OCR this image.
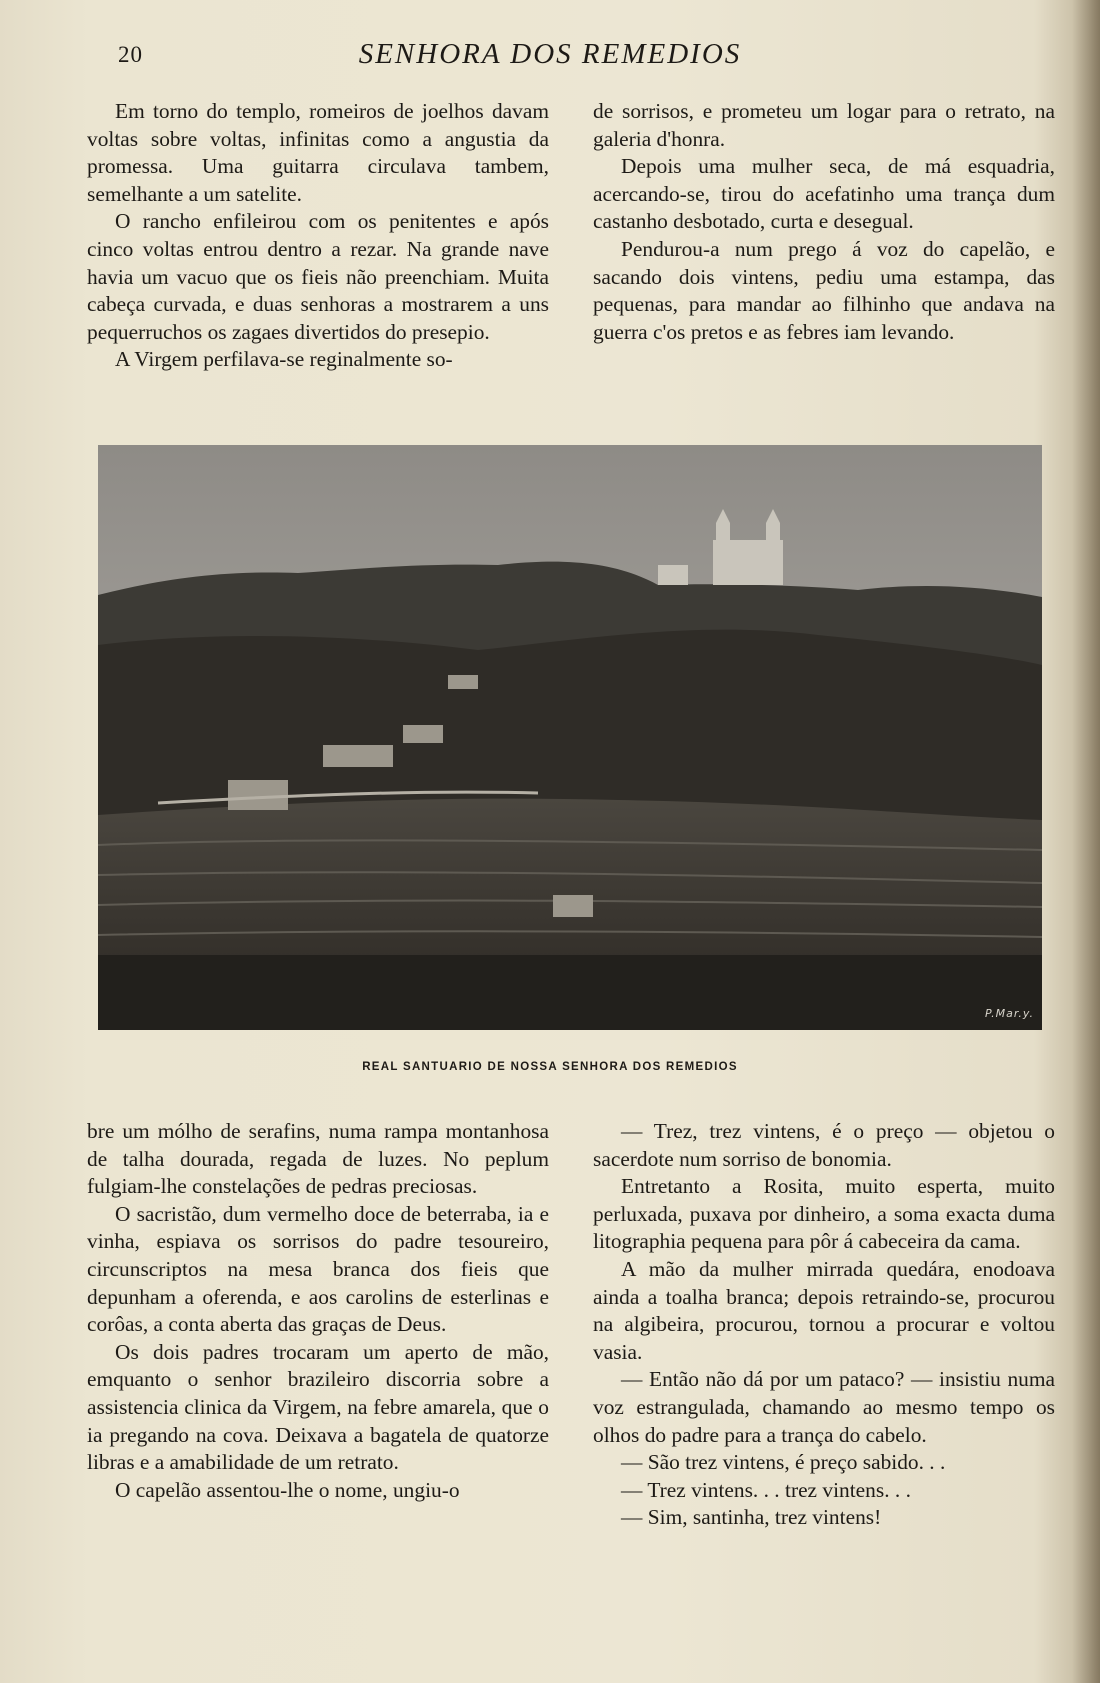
20	SENHORA DOS REMEDIOS

Em torno do templo, romeiros de joelhos davam voltas sobre voltas, infinitas como a angustia da promessa. Uma guitarra circulava tambem, semelhante a um satelite.

O rancho enfileirou com os penitentes e após cinco voltas entrou dentro a rezar. Na grande nave havia um vacuo que os fieis não preenchiam. Muita cabeça curvada, e duas senhoras a mostrarem a uns pequerruchos os zagaes divertidos do presepio.

A Virgem perfilava-se reginalmente so-

de sorrisos, e prometeu um logar para o retrato, na galeria d'honra.

Depois uma mulher seca, de má esquadria, acercando-se, tirou do acefatinho uma trança dum castanho desbotado, curta e desegual.

Pendurou-a num prego á voz do capelão, e sacando dois vintens, pediu uma estampa, das pequenas, para mandar ao filhinho que andava na guerra c'os pretos e as febres iam levando.

P.Mar.y.
REAL SANTUARIO DE NOSSA SENHORA DOS REMEDIOS

bre um mólho de serafins, numa rampa montanhosa de talha dourada, regada de luzes. No peplum fulgiam-lhe constelações de pedras preciosas.

O sacristão, dum vermelho doce de beterraba, ia e vinha, espiava os sorrisos do padre tesoureiro, circunscriptos na mesa branca dos fieis que depunham a oferenda, e aos carolins de esterlinas e corôas, a conta aberta das graças de Deus.

Os dois padres trocaram um aperto de mão, emquanto o senhor brazileiro discorria sobre a assistencia clinica da Virgem, na febre amarela, que o ia pregando na cova. Deixava a bagatela de quatorze libras e a amabilidade de um retrato.

O capelão assentou-lhe o nome, ungiu-o

— Trez, trez vintens, é o preço — objetou o sacerdote num sorriso de bonomia.

Entretanto a Rosita, muito esperta, muito perluxada, puxava por dinheiro, a soma exacta duma litographia pequena para pôr á cabeceira da cama.

A mão da mulher mirrada quedára, enodoava ainda a toalha branca; depois retraindo-se, procurou na algibeira, procurou, tornou a procurar e voltou vasia.

— Então não dá por um pataco? — insistiu numa voz estrangulada, chamando ao mesmo tempo os olhos do padre para a trança do cabelo.

— São trez vintens, é preço sabido. . .

— Trez vintens. . . trez vintens. . .

— Sim, santinha, trez vintens!
